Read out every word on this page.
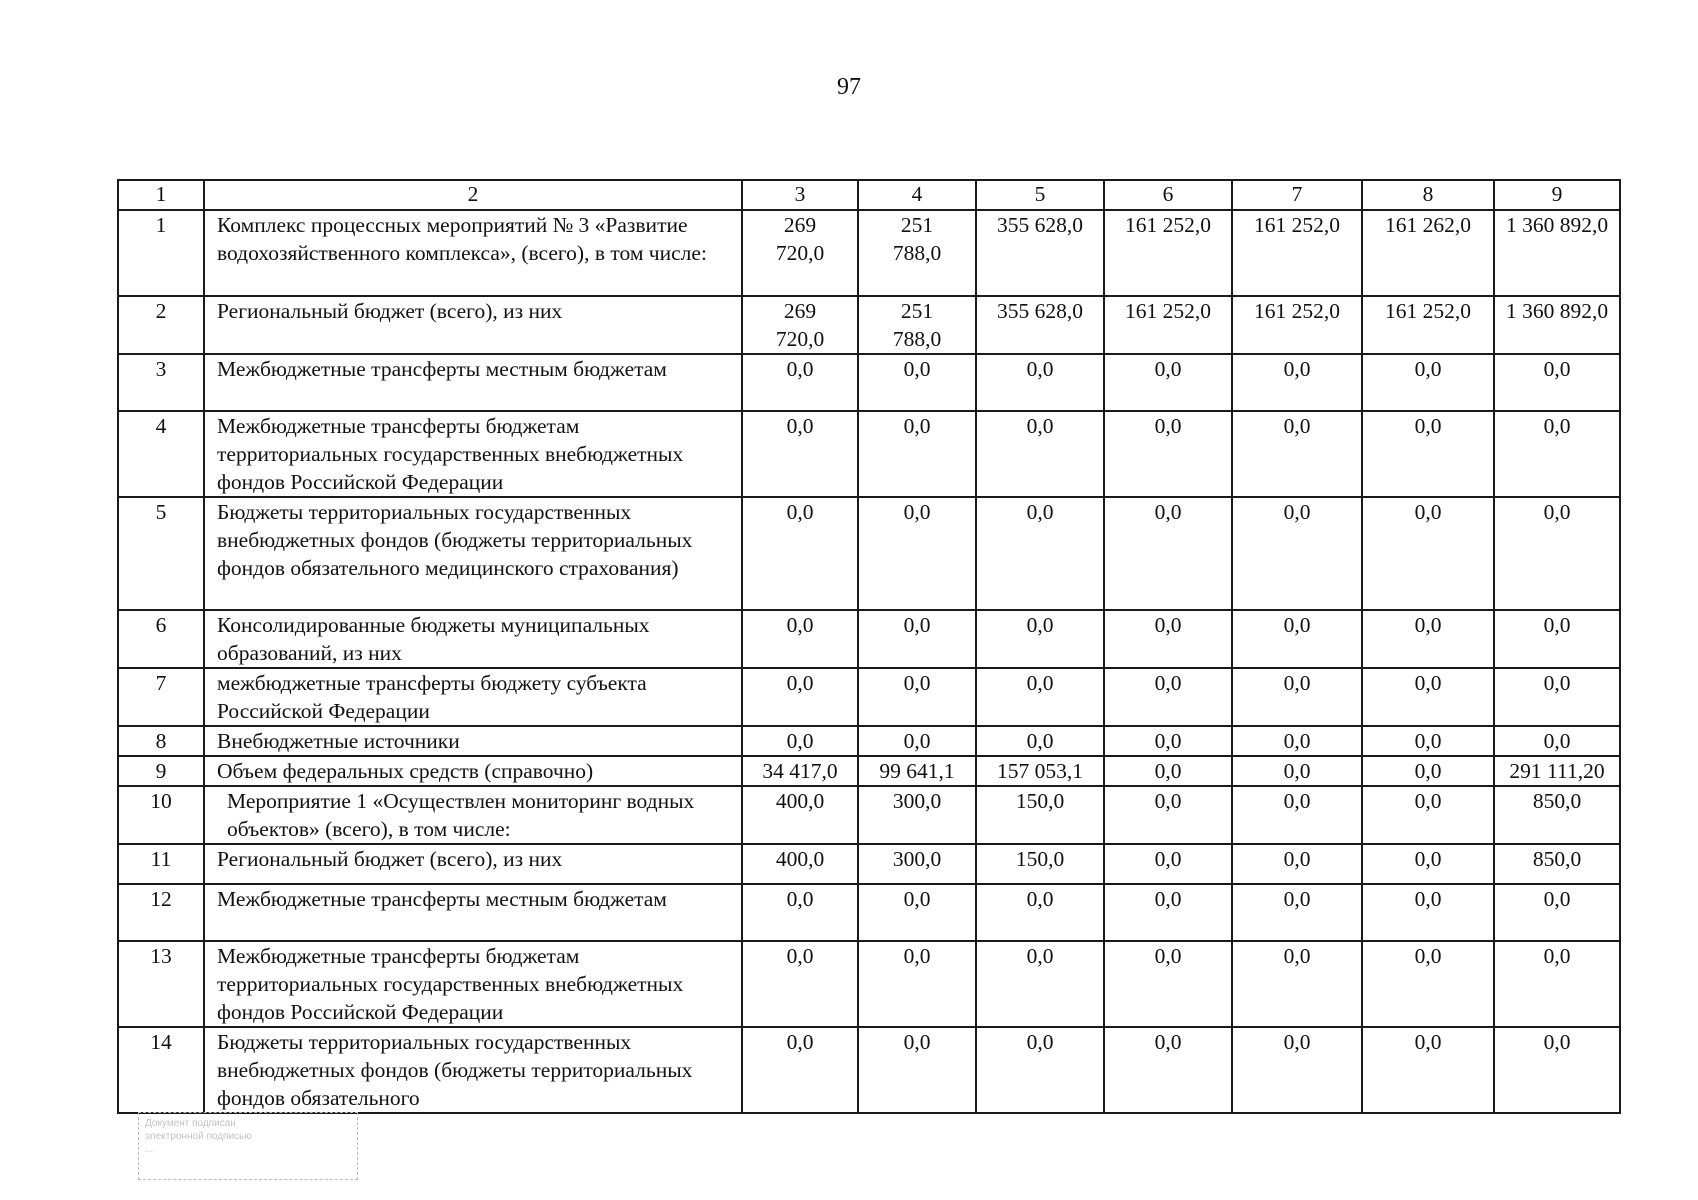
97
1	2	3	4	5	6	7	8	9
1	Комплекс процессных мероприятий № 3 «Развитие водохозяйственного комплекса», (всего), в том числе:	269 720,0	251 788,0	355 628,0	161 252,0	161 252,0	161 262,0	1 360 892,0
2	Региональный бюджет (всего), из них	269 720,0	251 788,0	355 628,0	161 252,0	161 252,0	161 252,0	1 360 892,0
3	Межбюджетные трансферты местным бюджетам	0,0	0,0	0,0	0,0	0,0	0,0	0,0
4	Межбюджетные трансферты бюджетам территориальных государственных внебюджетных фондов Российской Федерации	0,0	0,0	0,0	0,0	0,0	0,0	0,0
5	Бюджеты территориальных государственных внебюджетных фондов (бюджеты территориальных фондов обязательного медицинского страхования)	0,0	0,0	0,0	0,0	0,0	0,0	0,0
6	Консолидированные бюджеты муниципальных образований, из них	0,0	0,0	0,0	0,0	0,0	0,0	0,0
7	межбюджетные трансферты бюджету субъекта Российской Федерации	0,0	0,0	0,0	0,0	0,0	0,0	0,0
8	Внебюджетные источники	0,0	0,0	0,0	0,0	0,0	0,0	0,0
9	Объем федеральных средств (справочно)	34 417,0	99 641,1	157 053,1	0,0	0,0	0,0	291 111,20
10	Мероприятие 1 «Осуществлен мониторинг водных объектов» (всего), в том числе:	400,0	300,0	150,0	0,0	0,0	0,0	850,0
11	Региональный бюджет (всего), из них	400,0	300,0	150,0	0,0	0,0	0,0	850,0
12	Межбюджетные трансферты местным бюджетам	0,0	0,0	0,0	0,0	0,0	0,0	0,0
13	Межбюджетные трансферты бюджетам территориальных государственных внебюджетных фондов Российской Федерации	0,0	0,0	0,0	0,0	0,0	0,0	0,0
14	Бюджеты территориальных государственных внебюджетных фондов (бюджеты территориальных фондов обязательного	0,0	0,0	0,0	0,0	0,0	0,0	0,0
Документ подписан
электронной подписью
...
